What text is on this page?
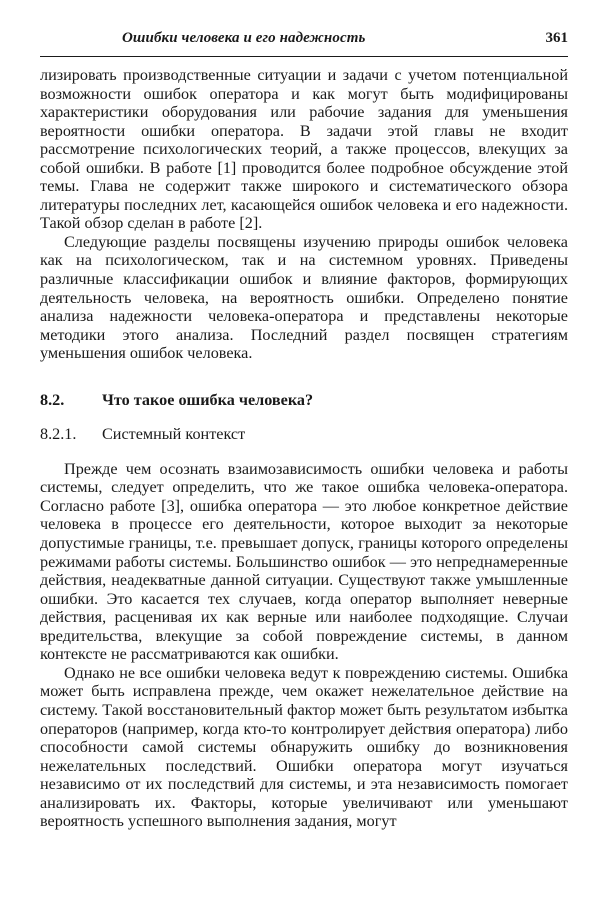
Ошибки человека и его надежность	361

лизировать производственные ситуации и задачи с учетом потенциальной возможности ошибок оператора и как могут быть модифицированы характеристики оборудования или рабочие задания для уменьшения вероятности ошибки оператора. В задачи этой главы не входит рассмотрение психологических теорий, а также процессов, влекущих за собой ошибки. В работе [1] проводится более подробное обсуждение этой темы. Глава не содержит также широкого и систематического обзора литературы последних лет, касающейся ошибок человека и его надежности. Такой обзор сделан в работе [2].

Следующие разделы посвящены изучению природы ошибок человека как на психологическом, так и на системном уровнях. Приведены различные классификации ошибок и влияние факторов, формирующих деятельность человека, на вероятность ошибки. Определено понятие анализа надежности человека-оператора и представлены некоторые методики этого анализа. Последний раздел посвящен стратегиям уменьшения ошибок человека.

8.2.	Что такое ошибка человека?
8.2.1.	Системный контекст

Прежде чем осознать взаимозависимость ошибки человека и работы системы, следует определить, что же такое ошибка человека-оператора. Согласно работе [3], ошибка оператора — это любое конкретное действие человека в процессе его деятельности, которое выходит за некоторые допустимые границы, т.е. превышает допуск, границы которого определены режимами работы системы. Большинство ошибок — это непреднамеренные действия, неадекватные данной ситуации. Существуют также умышленные ошибки. Это касается тех случаев, когда оператор выполняет неверные действия, расценивая их как верные или наиболее подходящие. Случаи вредительства, влекущие за собой повреждение системы, в данном контексте не рассматриваются как ошибки.

Однако не все ошибки человека ведут к повреждению системы. Ошибка может быть исправлена прежде, чем окажет нежелательное действие на систему. Такой восстановительный фактор может быть результатом избытка операторов (например, когда кто-то контролирует действия оператора) либо способности самой системы обнаружить ошибку до возникновения нежелательных последствий. Ошибки оператора могут изучаться независимо от их последствий для системы, и эта независимость помогает анализировать их. Факторы, которые увеличивают или уменьшают вероятность успешного выполнения задания, могут
